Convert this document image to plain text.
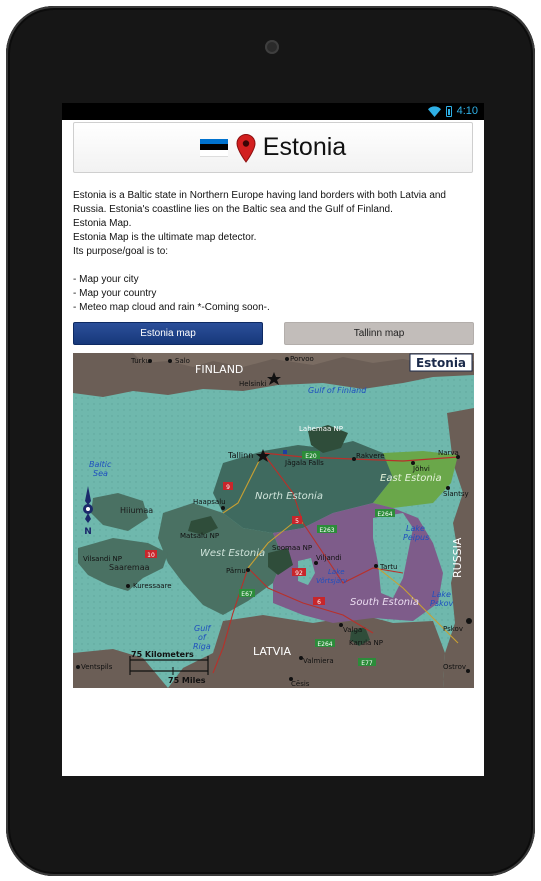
4:10
Estonia

Estonia is a Baltic state in Northern Europe having land borders with both Latvia and Russia. Estonia's coastline lies on the Baltic sea and the Gulf of Finland.

Estonia Map.

Estonia Map is the ultimate map detector.

Its purpose/goal is to:

- Map your city

- Map your country

- Meteo map cloud and rain *-Coming soon-.

Estonia map	Tallinn map
Estonia
FINLAND
LATVIA
RUSSIA
North Estonia
East Estonia
West Estonia
South Estonia
Gulf of Finland
Baltic
Sea
Gulf
of
Riga
Lake
Peipus
Lake
Pskov
Lake
Võrtsjärv
Hiiumaa
Saaremaa
Salo
Turku	Porvoo
Helsinki
Tallinn
Jägala Falls
Rakvere	Narva
Jõhvi
Slantsy
Haapsalu
Viljandi
Tartu
Pärnu
Kuressaare
Valga
Valmiera
Cēsis
Pskov
Ostrov
Ventspils
Lahemaa NP
Matsalu NP
Soomaa NP
Vilsandi NP
Karula NP
E20
9
5
E263
E264
10
92
E67
6
E264
E77
N
75 Kilometers
75 Miles
